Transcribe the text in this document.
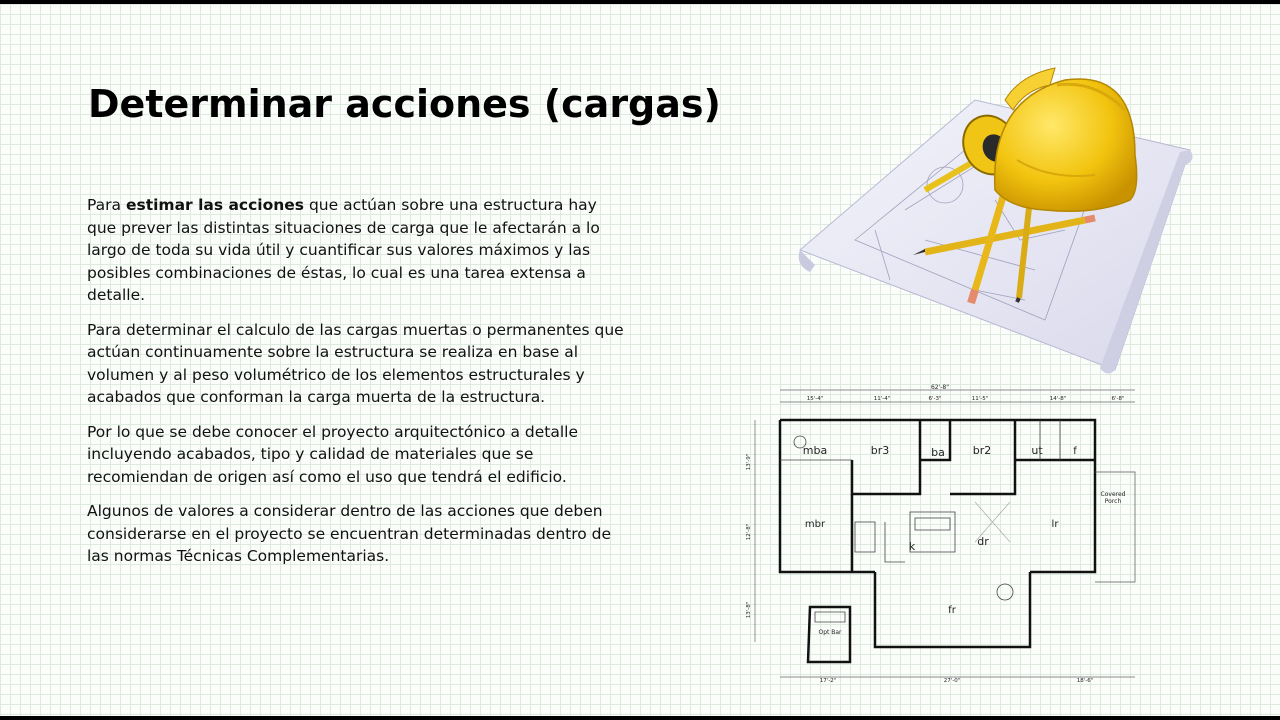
Determinar acciones (cargas)

Para estimar las acciones que actúan sobre una estructura hay que prever las distintas situaciones de carga que le afectarán a lo largo de toda su vida útil y cuantificar sus valores máximos y las posibles combinaciones de éstas, lo cual es una tarea extensa a detalle.

Para determinar el calculo de las cargas muertas o permanentes que actúan continuamente sobre la estructura se realiza en base al volumen y al peso volumétrico de los elementos estructurales y acabados que conforman la carga muerta de la estructura.

Por lo que se debe conocer el proyecto arquitectónico a detalle incluyendo acabados, tipo y calidad de materiales que se recomiendan de origen así como el uso que tendrá el edificio.

Algunos de valores a considerar dentro de las acciones que deben considerarse en el proyecto se encuentran determinadas dentro de las normas Técnicas Complementarias.

62'-8"
15'-4"	11'-4"	6'-3"	11'-5"	14'-8"	6'-8"
13'-9"
12'-8"
13'-8"
mba	br3	ba	br2	ut	f
mbr
k	dr
lr
fr
Opt Bar
Covered
Porch
17'-2"	27'-0"	18'-6"
